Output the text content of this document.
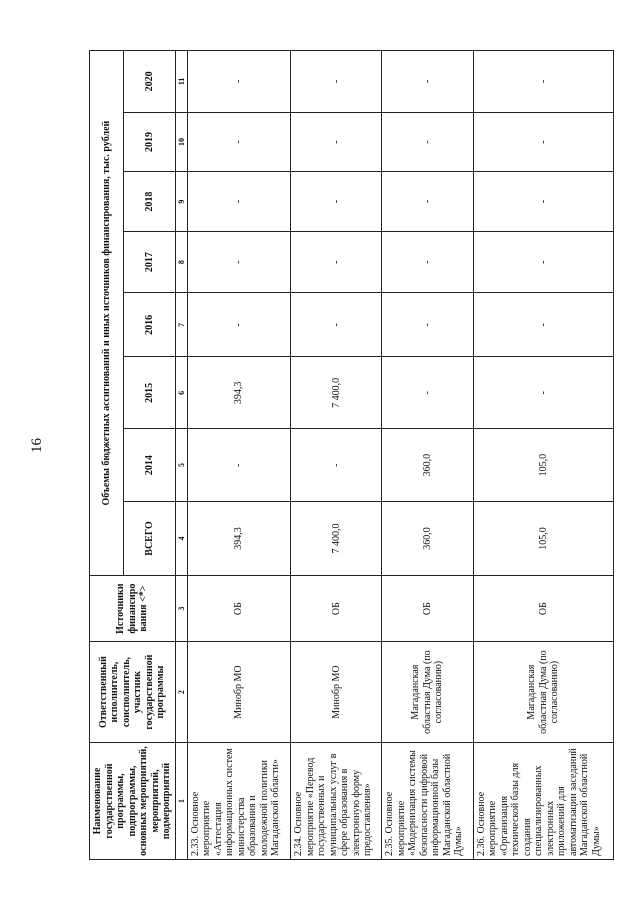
16
Наименование государственной программы, подпрограммы, основных мероприятий, мероприятий, подмероприятий	Ответственный исполнитель, соисполнитель, участник государственной программы	Источники финансиро вания <*>	Объемы бюджетных ассигнований и иных источников финансирования, тыс. рублей							
			ВСЕГО	2014	2015	2016	2017	2018	2019	2020
1	2	3	4	5	6	7	8	9	10	11
2.33. Основное мероприятие «Аттестация информационных систем министерства образования и молодежной политики Магаданской области»	Минобр МО	ОБ	394,3	-	394,3	-	-	-	-	-
2.34. Основное мероприятие «Перевод государственных и муниципальных услуг в сфере образования в электронную форму предоставления»	Минобр МО	ОБ	7 400,0	-	7 400,0	-	-	-	-	-
2.35. Основное мероприятие «Модернизация системы безопасности цифровой информационной базы Магаданской областной Думы»	Магаданская областная Дума (по согласованию)	ОБ	360,0	360,0	-	-	-	-	-	-
2.36. Основное мероприятие «Организация технической базы для создания специализированных электронных приложений для автоматизации заседаний Магаданской областной Думы»	Магаданская областная Дума (по согласованию)	ОБ	105,0	105,0	-	-	-	-	-	-
